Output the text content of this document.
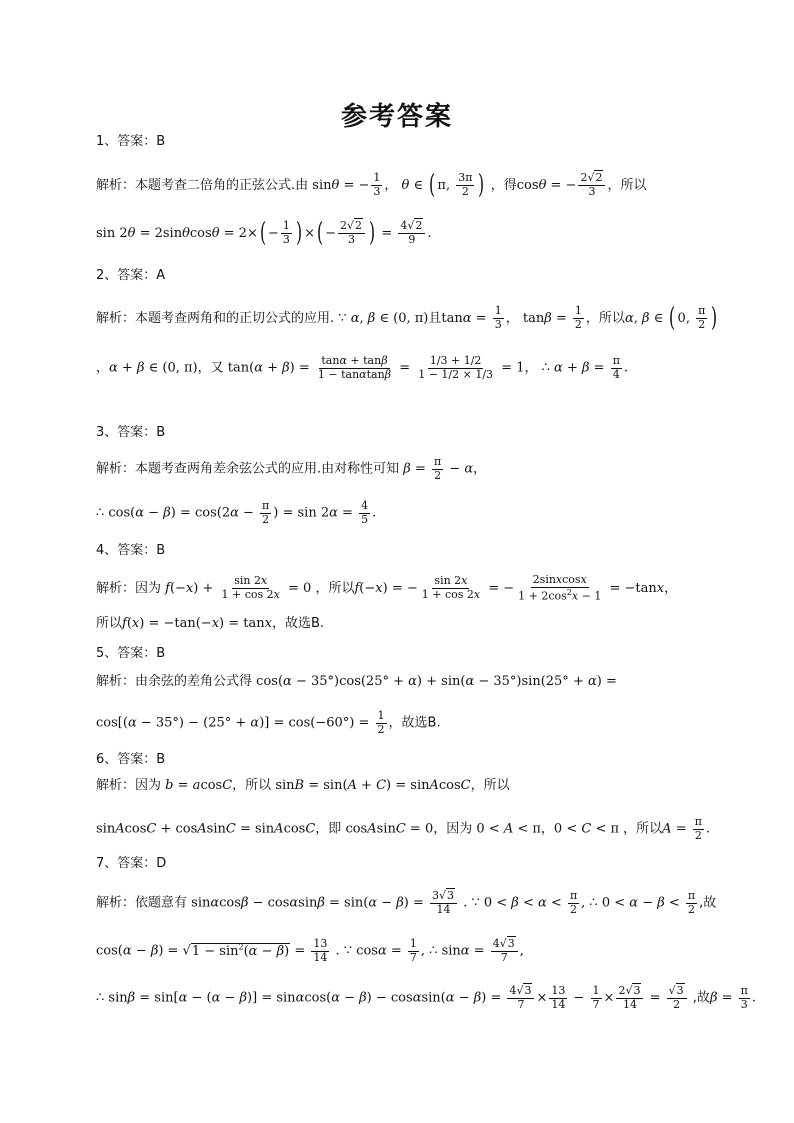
参考答案
1、答案：B
解析：本题考查二倍角的正弦公式.由 sinθ = − $\frac{1}{3}$ ， θ ∈ ( π, $\frac{3\pi}{2}$ ) ，得cosθ = − $\frac{2√2}{3}$ ，所以
$\sin 2\theta = 2\sin\theta\cos\theta = 2\times( - \frac{1}{3}$ ) ×( − $\frac{2√2}{3}$ ) = $\frac{4√2}{9}$ .
2、答案：A
解析：本题考查两角和的正切公式的应用. ∵ α, β ∈ (0, π)且$\tan\alpha = \frac{1}{3}$ ， $\tan\beta = \frac{1}{2}$ ，所以α, β ∈ ( 0, $\frac{\pi}{2}$ )
，α + β ∈ (0, π)，又 $\tan(\alpha + \beta) = \frac{\tan\alpha + \tan\beta}{1 - \tan\alpha\tan\beta} = \frac{1/3 + 1/2}{1 - 1/2 \times 1/3} = 1$， ∴ $\alpha + \beta = \frac{\pi}{4}$ .
3、答案：B
解析：本题考查两角差余弦公式的应用.由对称性可知 $\beta = \frac{\pi}{2} - \alpha$，
∴ $\cos(\alpha - \beta) = \cos(2\alpha - \frac{\pi}{2}$ ) = $\sin 2\alpha = \frac{4}{5}$ .
4、答案：B
解析：因为 $f(-x) + \frac{\sin 2x}{1 + \cos 2x} = 0$ ，所以f(−x) = − $\frac{\sin 2x}{1 + \cos 2x}$ = − $\frac{\text{2sinxcosx}}{1 + 2\cos^2x - 1} = -\tan x$，
所以f(x) = −tan(−x) = tanx，故选B.
5、答案：B
解析：由余弦的差角公式得 cos(α − 35°)cos(25° + α) + sin(α − 35°)sin(25° + α) =
$\cos[(\alpha - 35^\circ) - (25^\circ + \alpha)] = \cos(-60^\circ) = \frac{1}{2}$ ，故选B.
6、答案：B
解析：因为 b = acosC，所以 sinB = sin(A + C) = sinAcosC，所以
sinAcosC + cosAsinC = sinAcosC，即 cosAsinC = 0，因为 0 < A < π，0 < C < π ，所以$A = \frac{\pi}{2}$ .
7、答案：D
解析：依题意有 $\sin\alpha\cos\beta - \cos\alpha\sin\beta = \sin(\alpha - \beta) = \frac{3√3}{14}$ . ∵ $0 < \beta < \alpha < \frac{\pi}{2}$ , ∴ $0 < \alpha - \beta < \frac{\pi}{2}$ ,故
$\cos(\alpha - \beta) = √1 - \sin^2(\alpha - \beta) = \frac{13}{14}$ . ∵ $\cos\alpha = \frac{1}{7}$ , ∴ $\sin\alpha = \frac{4√3}{7}$ ,
∴ $\sin\beta = \sin[\alpha - (\alpha - \beta)] = \sin\alpha\cos(\alpha - \beta) - \cos\alpha\sin(\alpha - \beta) = \frac{4√3}{7} \times \frac{13}{14} - \frac{1}{7} \times \frac{2√3}{14} = \frac{√3}{2}$ ,故$\beta = \frac{\pi}{3}$ .
